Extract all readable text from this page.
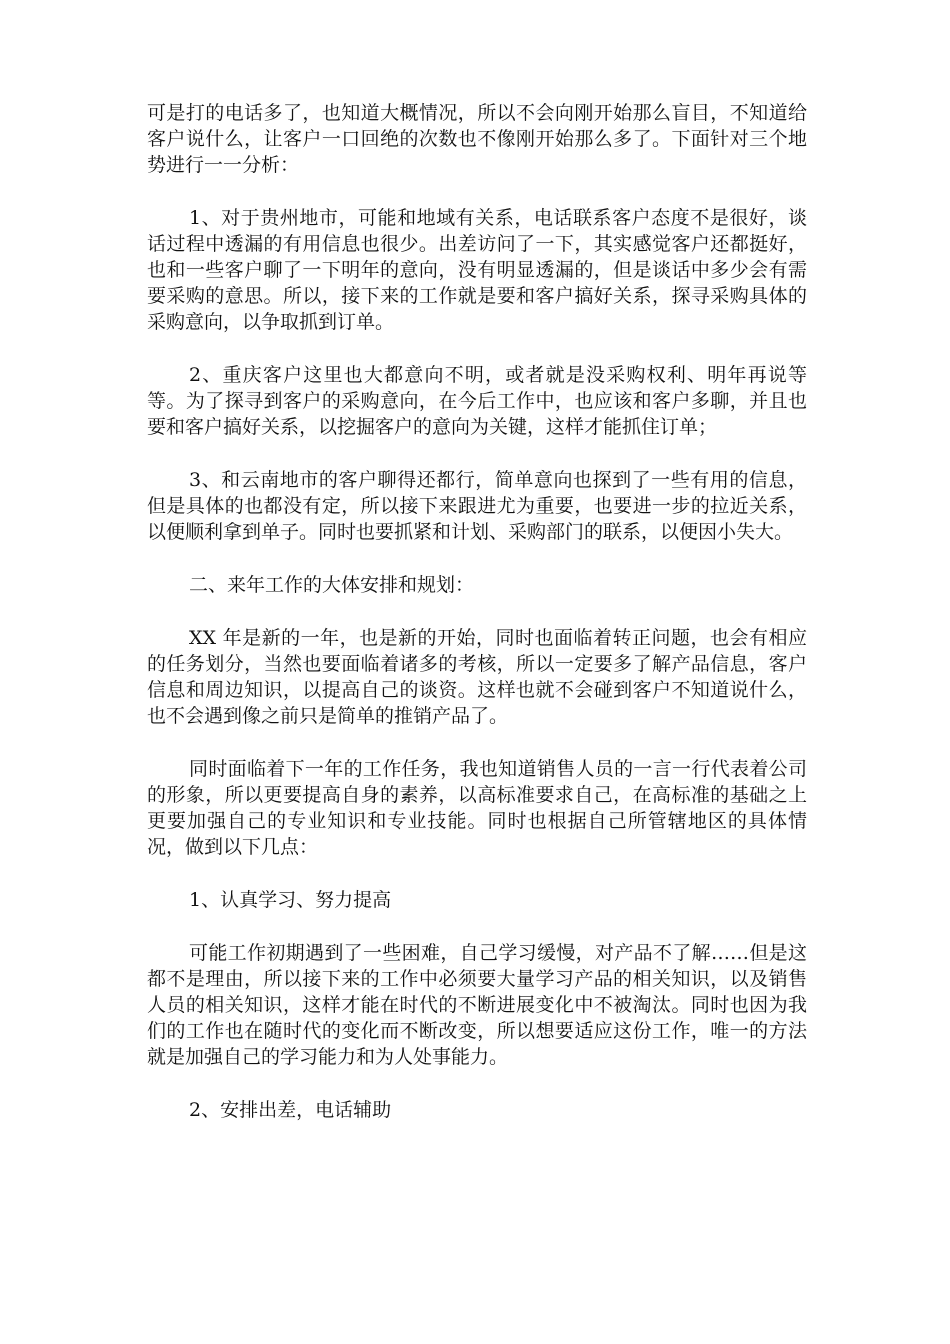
可是打的电话多了，也知道大概情况，所以不会向刚开始那么盲目，不知道给客户说什么，让客户一口回绝的次数也不像刚开始那么多了。下面针对三个地势进行一一分析：

1、对于贵州地市，可能和地域有关系，电话联系客户态度不是很好，谈话过程中透漏的有用信息也很少。出差访问了一下，其实感觉客户还都挺好，也和一些客户聊了一下明年的意向，没有明显透漏的，但是谈话中多少会有需要采购的意思。所以，接下来的工作就是要和客户搞好关系，探寻采购具体的采购意向，以争取抓到订单。

2、重庆客户这里也大都意向不明，或者就是没采购权利、明年再说等等。为了探寻到客户的采购意向，在今后工作中，也应该和客户多聊，并且也要和客户搞好关系，以挖掘客户的意向为关键，这样才能抓住订单；

3、和云南地市的客户聊得还都行，简单意向也探到了一些有用的信息，但是具体的也都没有定，所以接下来跟进尤为重要，也要进一步的拉近关系，以便顺利拿到单子。同时也要抓紧和计划、采购部门的联系，以便因小失大。

二、来年工作的大体安排和规划：

XX 年是新的一年，也是新的开始，同时也面临着转正问题，也会有相应的任务划分，当然也要面临着诸多的考核，所以一定要多了解产品信息，客户信息和周边知识，以提高自己的谈资。这样也就不会碰到客户不知道说什么，也不会遇到像之前只是简单的推销产品了。

同时面临着下一年的工作任务，我也知道销售人员的一言一行代表着公司的形象，所以更要提高自身的素养，以高标准要求自己，在高标准的基础之上更要加强自己的专业知识和专业技能。同时也根据自己所管辖地区的具体情况，做到以下几点：

1、认真学习、努力提高

可能工作初期遇到了一些困难，自己学习缓慢，对产品不了解……但是这都不是理由，所以接下来的工作中必须要大量学习产品的相关知识，以及销售人员的相关知识，这样才能在时代的不断进展变化中不被淘汰。同时也因为我们的工作也在随时代的变化而不断改变，所以想要适应这份工作，唯一的方法就是加强自己的学习能力和为人处事能力。

2、安排出差，电话辅助
